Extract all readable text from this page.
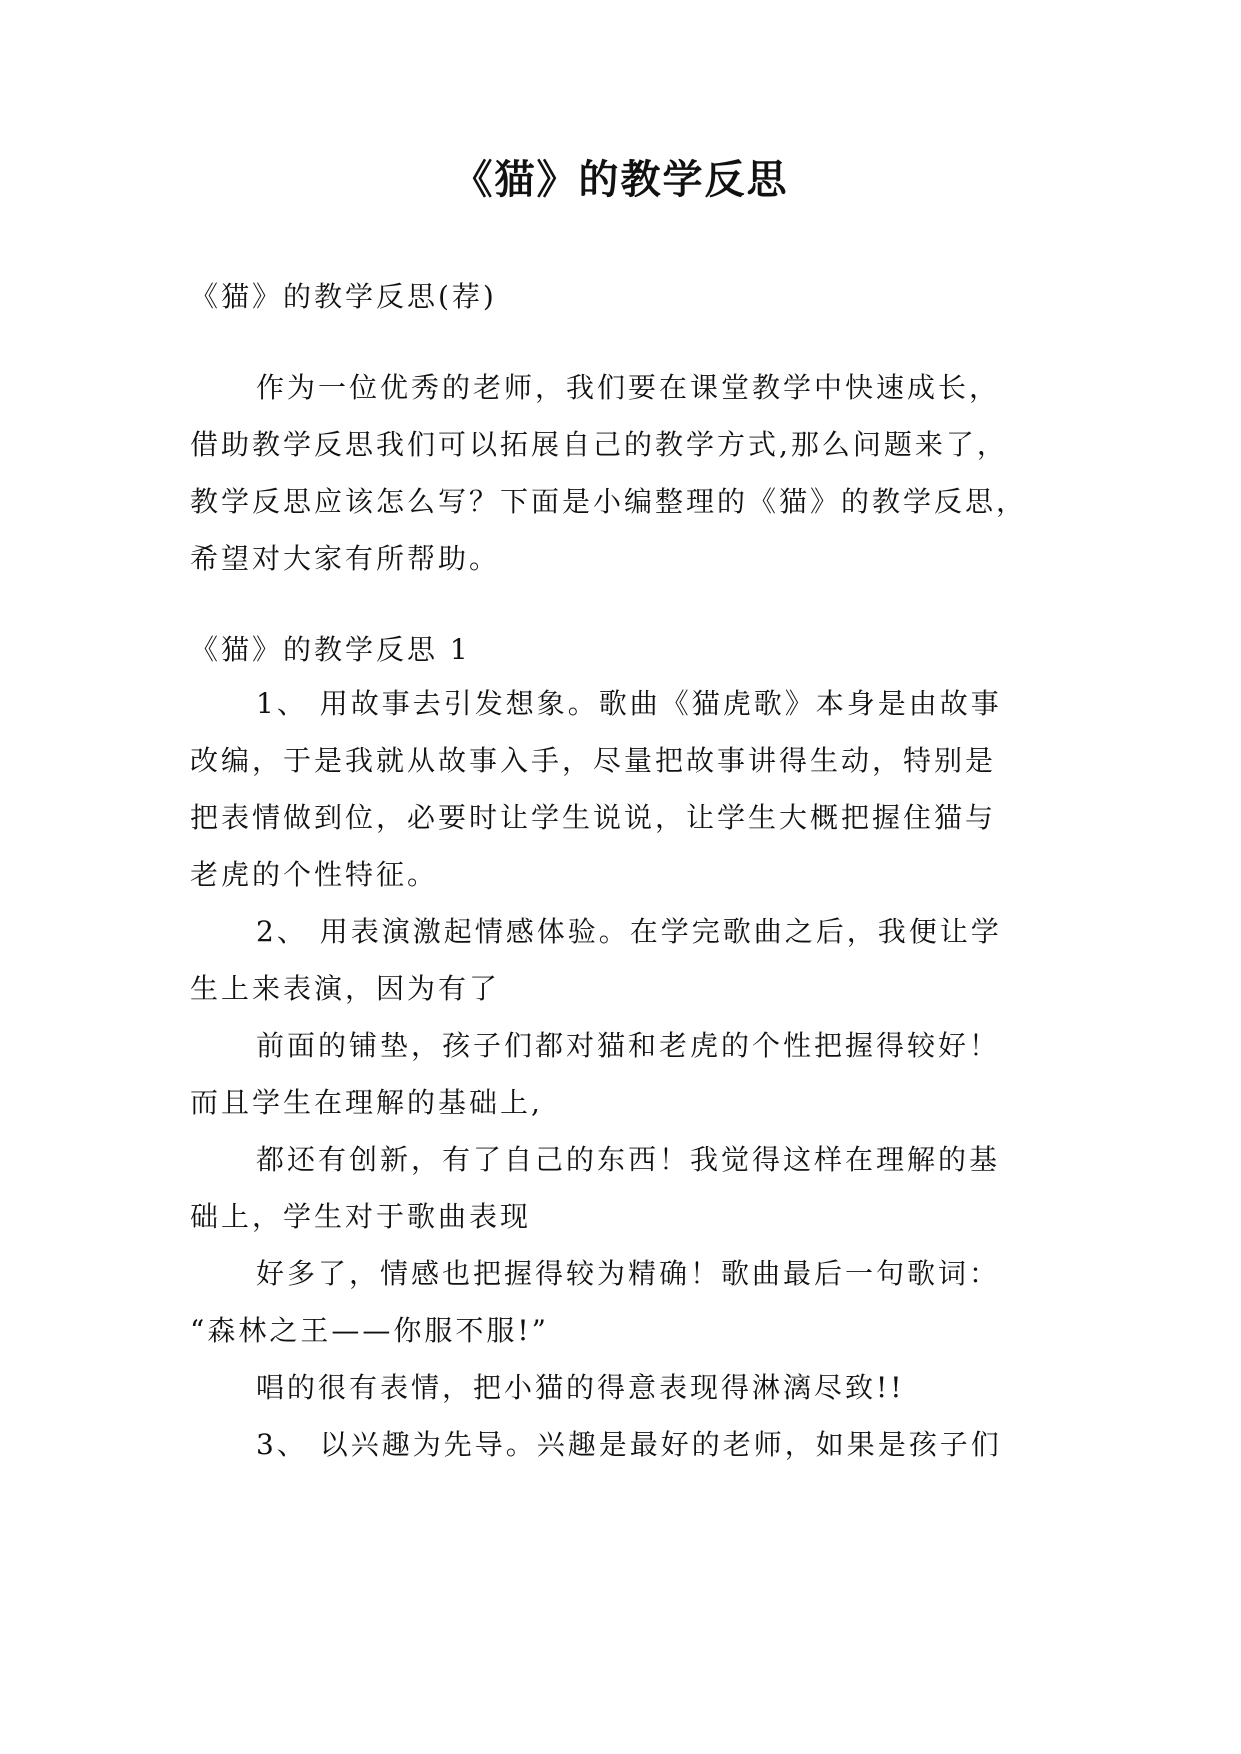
《猫》的教学反思
《猫》的教学反思(荐)
作为一位优秀的老师，我们要在课堂教学中快速成长，
借助教学反思我们可以拓展自己的教学方式,那么问题来了，
教学反思应该怎么写？下面是小编整理的《猫》的教学反思，
希望对大家有所帮助。
《猫》的教学反思 1
1、 用故事去引发想象。歌曲《猫虎歌》本身是由故事
改编，于是我就从故事入手，尽量把故事讲得生动，特别是
把表情做到位，必要时让学生说说，让学生大概把握住猫与
老虎的个性特征。
2、 用表演激起情感体验。在学完歌曲之后，我便让学
生上来表演，因为有了
前面的铺垫，孩子们都对猫和老虎的个性把握得较好！
而且学生在理解的基础上,
都还有创新，有了自己的东西！我觉得这样在理解的基
础上，学生对于歌曲表现
好多了，情感也把握得较为精确！歌曲最后一句歌词：
“森林之王——你服不服!”
唱的很有表情，把小猫的得意表现得淋漓尽致!!
3、 以兴趣为先导。兴趣是最好的老师，如果是孩子们
